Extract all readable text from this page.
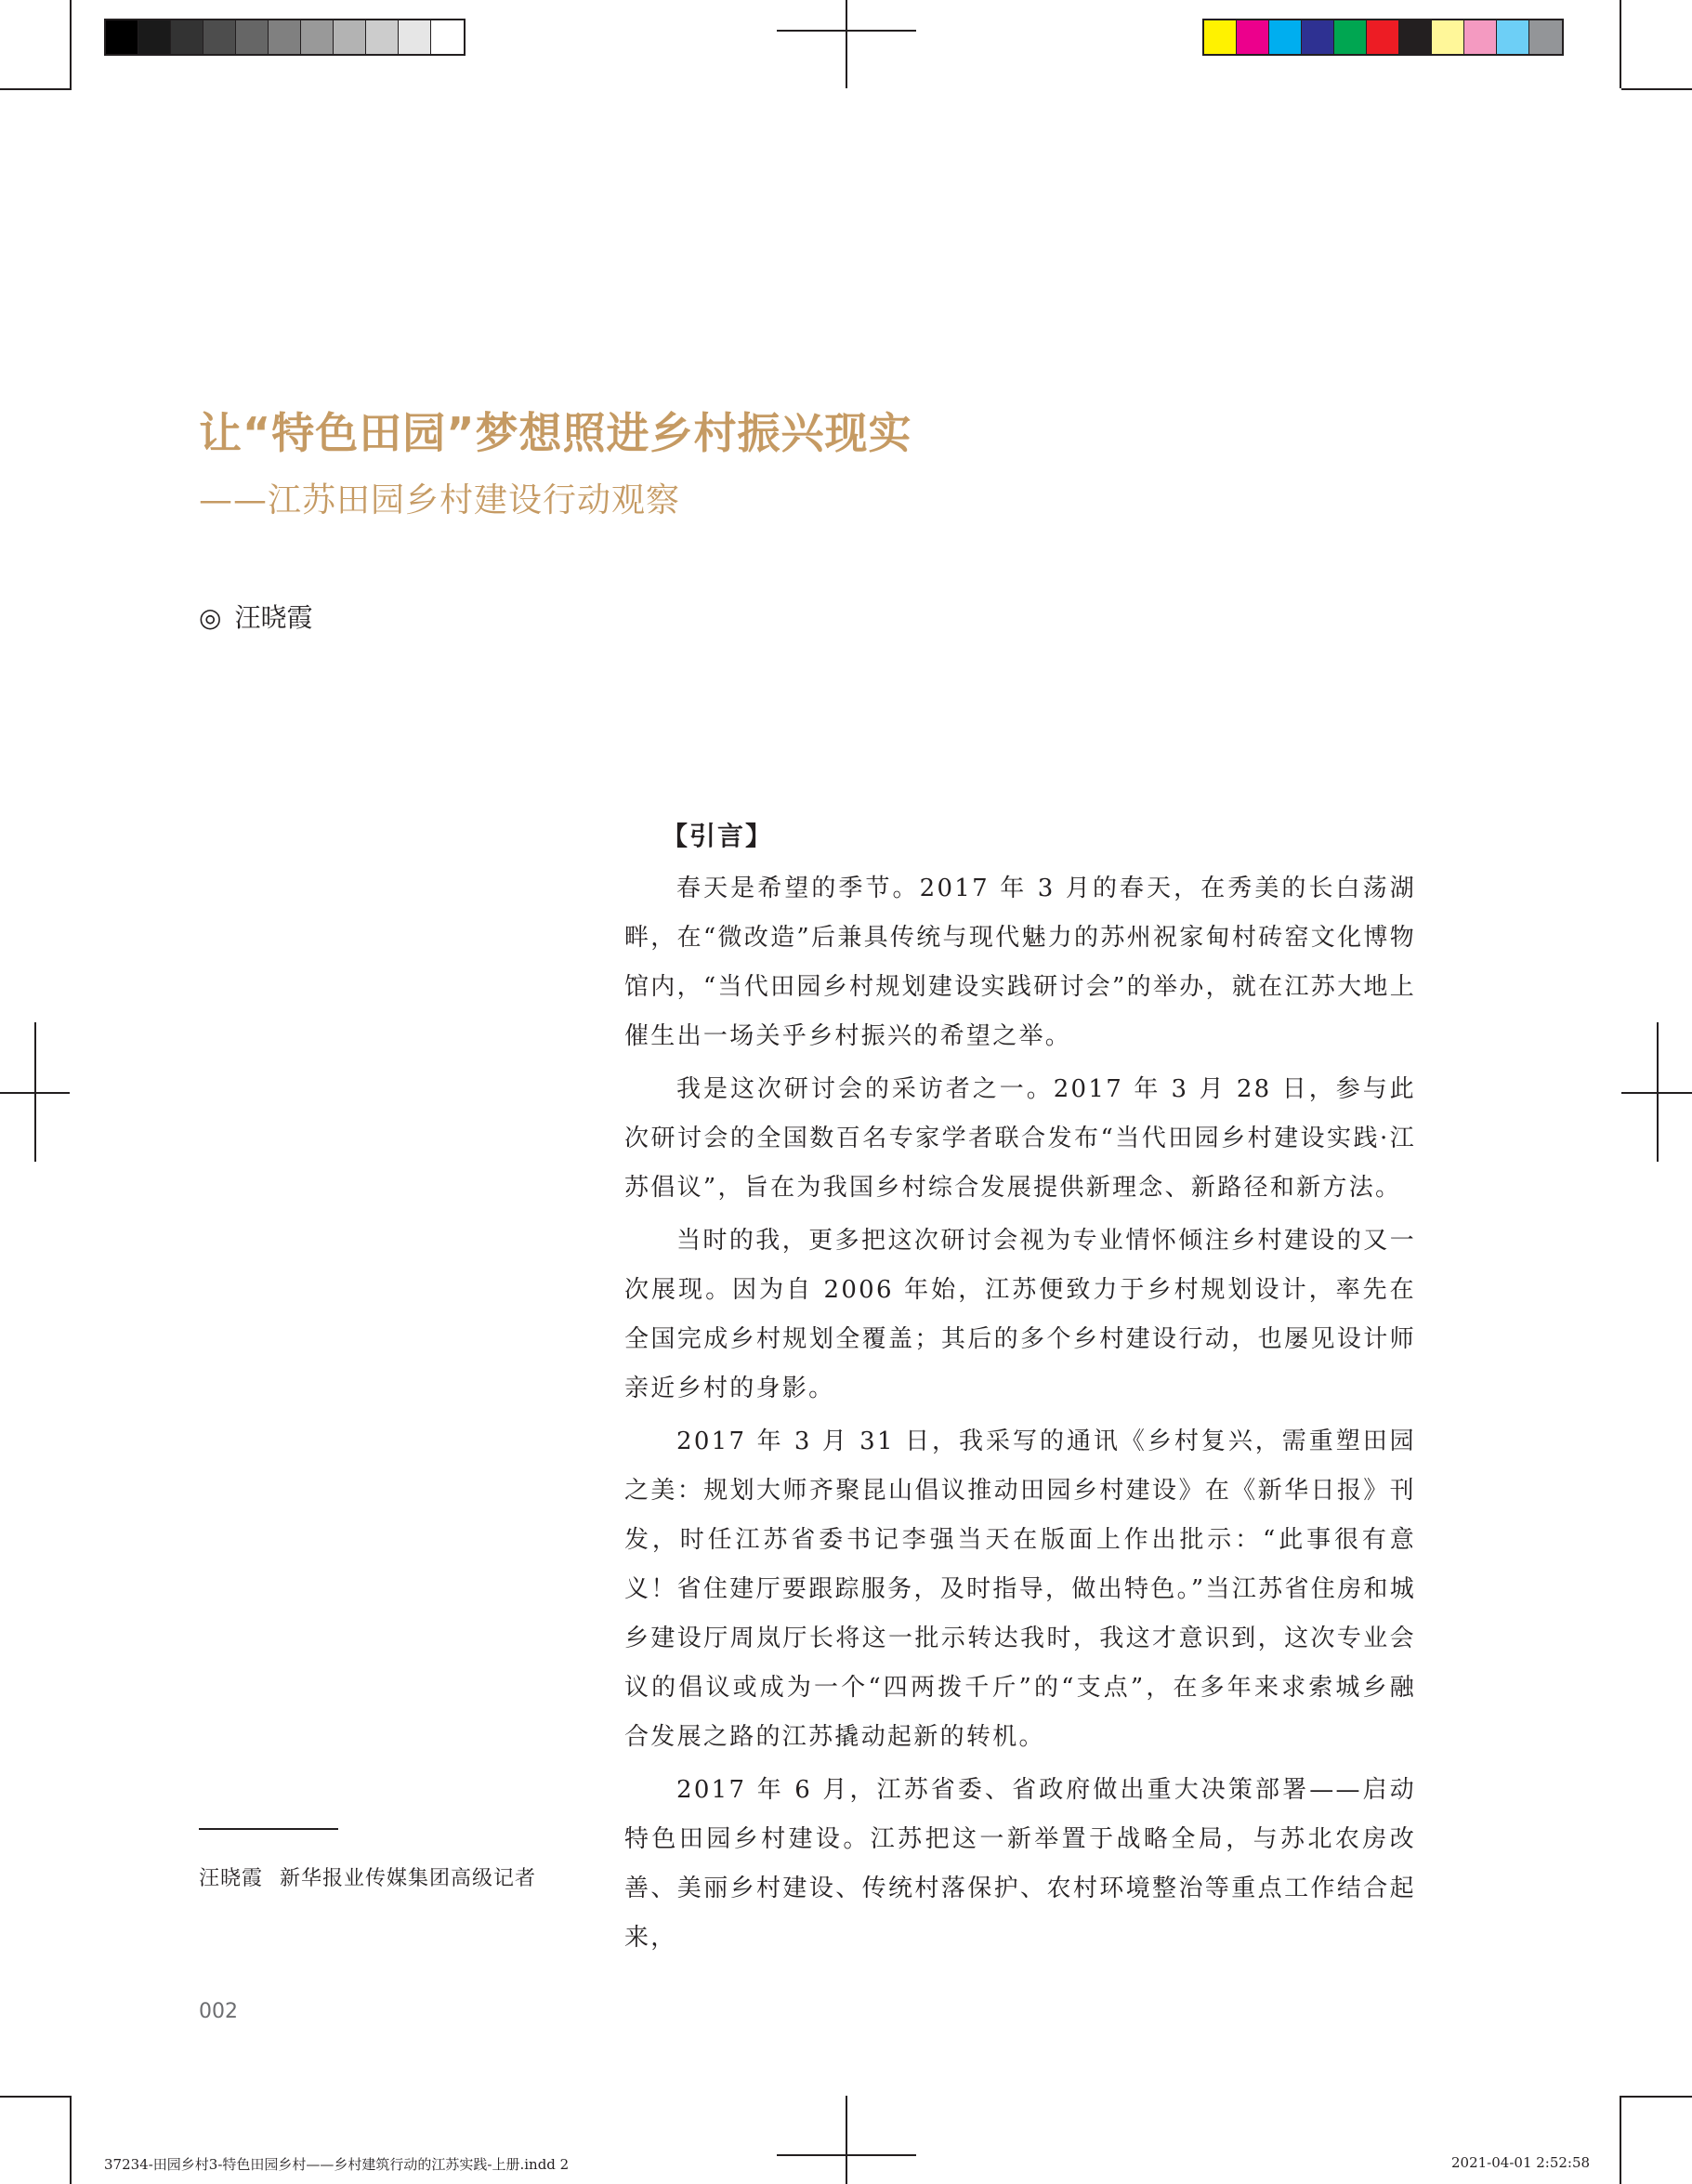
让“特色田园”梦想照进乡村振兴现实
——江苏田园乡村建设行动观察
◎ 汪晓霞
【引言】

春天是希望的季节。2017 年 3 月的春天，在秀美的长白荡湖畔，在“微改造”后兼具传统与现代魅力的苏州祝家甸村砖窑文化博物馆内，“当代田园乡村规划建设实践研讨会”的举办，就在江苏大地上催生出一场关乎乡村振兴的希望之举。

我是这次研讨会的采访者之一。2017 年 3 月 28 日，参与此次研讨会的全国数百名专家学者联合发布“当代田园乡村建设实践·江苏倡议”，旨在为我国乡村综合发展提供新理念、新路径和新方法。

当时的我，更多把这次研讨会视为专业情怀倾注乡村建设的又一次展现。因为自 2006 年始，江苏便致力于乡村规划设计，率先在全国完成乡村规划全覆盖；其后的多个乡村建设行动，也屡见设计师亲近乡村的身影。

2017 年 3 月 31 日，我采写的通讯《乡村复兴，需重塑田园之美：规划大师齐聚昆山倡议推动田园乡村建设》在《新华日报》刊发，时任江苏省委书记李强当天在版面上作出批示：“此事很有意义！省住建厅要跟踪服务，及时指导，做出特色。”当江苏省住房和城乡建设厅周岚厅长将这一批示转达我时，我这才意识到，这次专业会议的倡议或成为一个“四两拨千斤”的“支点”，在多年来求索城乡融合发展之路的江苏撬动起新的转机。

2017 年 6 月，江苏省委、省政府做出重大决策部署——启动特色田园乡村建设。江苏把这一新举置于战略全局，与苏北农房改善、美丽乡村建设、传统村落保护、农村环境整治等重点工作结合起来，

汪晓霞 新华报业传媒集团高级记者
002
37234-田园乡村3-特色田园乡村——乡村建筑行动的江苏实践-上册.indd 2	2021-04-01 2:52:58
